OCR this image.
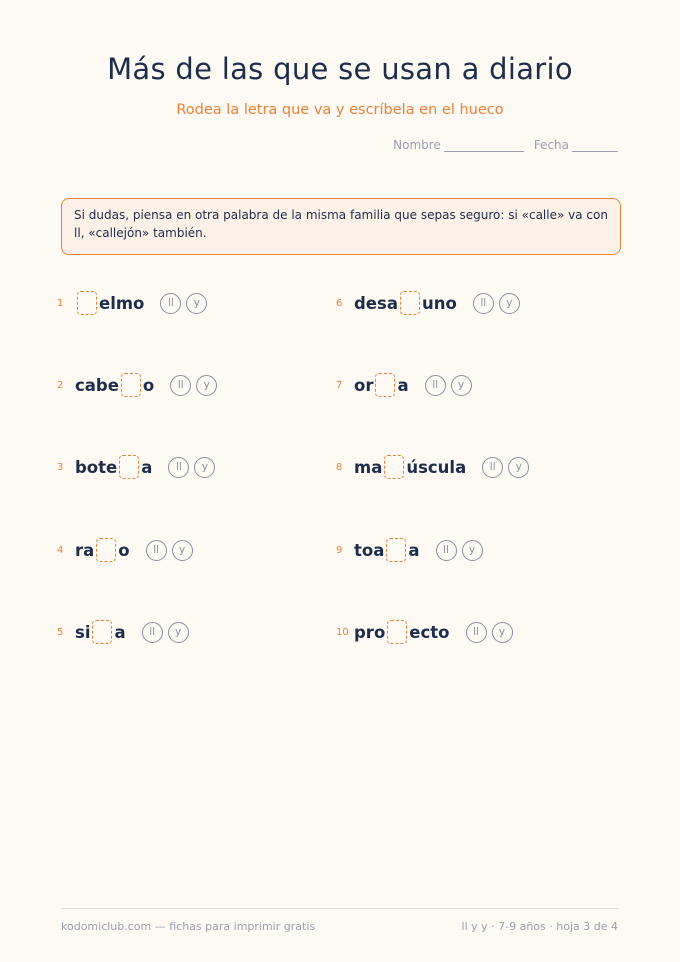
Más de las que se usan a diario
Rodea la letra que va y escríbela en el hueco
Nombre	Fecha
Si dudas, piensa en otra palabra de la misma familia que sepas seguro: si «calle» va con ll, «callejón» también.
1	elmo	ll	y
2 cabe o	ll	y
3 bote a	ll	y
4 ra o	ll	y
5 si a	ll	y
6 desa uno	ll	y
7 or a	ll	y
8 ma úscula	ll	y
9 toa a	ll	y
10 pro ecto	ll	y
kodomiclub.com — fichas para imprimir gratis	ll y y · 7-9 años · hoja 3 de 4
